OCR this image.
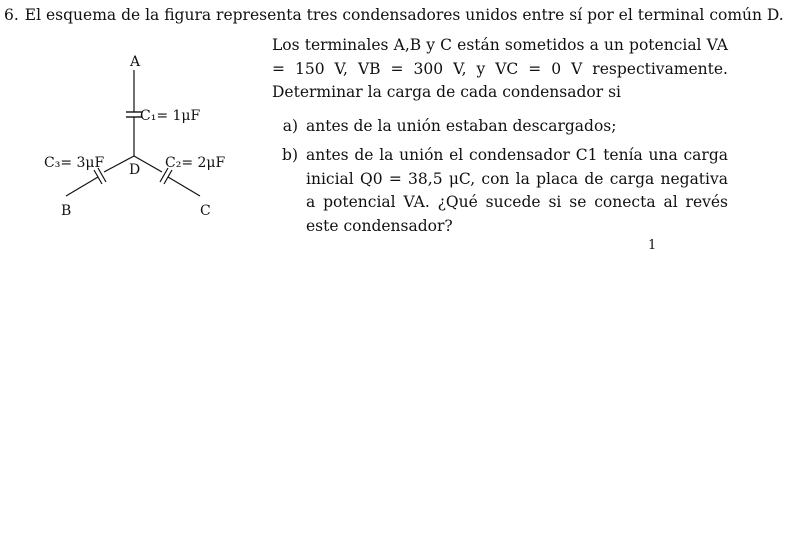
6. El esquema de la figura representa tres condensadores unidos entre sí por el terminal común D.
A
C₁= 1μF
D
C₃= 3μF	C₂= 2μF
B	C

Los terminales A,B y C están sometidos a un potencial VA = 150 V, VB = 300 V, y VC = 0 V respectivamente. Determinar la carga de cada condensador si

a) antes de la unión estaban descargados;
b) antes de la unión el condensador C1 tenía una carga inicial Q0 = 38,5 μC, con la placa de carga negativa a potencial VA. ¿Qué sucede si se conecta al revés este condensador?
1
